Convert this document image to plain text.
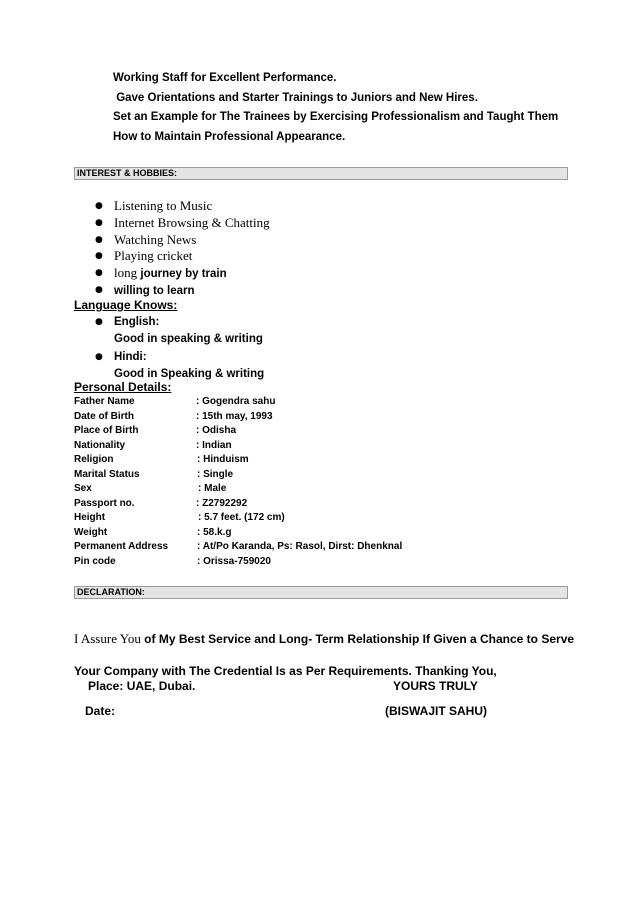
Working Staff for Excellent Performance.
Gave Orientations and Starter Trainings to Juniors and New Hires.
Set an Example for The Trainees by Exercising Professionalism and Taught Them
How to Maintain Professional Appearance.
INTEREST & HOBBIES:
● Listening to Music
● Internet Browsing & Chatting
● Watching News
● Playing cricket
● long journey by train
● willing to learn
Language Knows:
● English:
Good in speaking & writing
● Hindi:
Good in Speaking & writing
Personal Details:
Father Name	: Gogendra sahu
Date of Birth	: 15th may, 1993
Place of Birth	: Odisha
Nationality	: Indian
Religion	: Hinduism
Marital Status	: Single
Sex	: Male
Passport no.	: Z2792292
Height	: 5.7 feet. (172 cm)
Weight	: 58.k.g
Permanent Address	: At/Po Karanda, Ps: Rasol, Dirst: Dhenknal
Pin code	: Orissa-759020
DECLARATION:
I Assure You of My Best Service and Long- Term Relationship If Given a Chance to Serve
Your Company with The Credential Is as Per Requirements. Thanking You,
Place: UAE, Dubai.	YOURS TRULY
Date:	(BISWAJIT SAHU)
